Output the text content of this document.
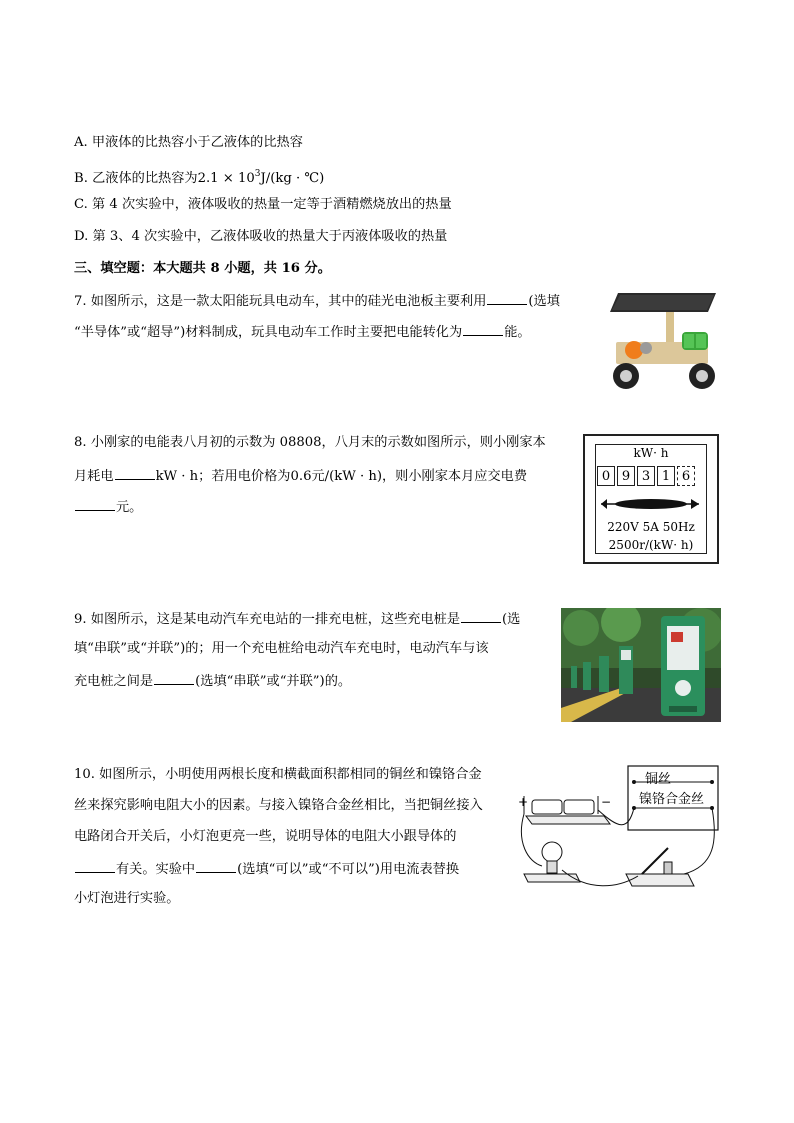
A. 甲液体的比热容小于乙液体的比热容
B. 乙液体的比热容为$2.1 \times 10^3J/(kg$ · ℃)
C. 第 4 次实验中，液体吸收的热量一定等于酒精燃烧放出的热量
D. 第 3、4 次实验中，乙液体吸收的热量大于丙液体吸收的热量
三、填空题：本大题共 8 小题，共 16 分。
7. 如图所示，这是一款太阳能玩具电动车，其中的硅光电池板主要利用	(选填
“半导体”或“超导”)材料制成，玩具电动车工作时主要把电能转化为	能。
8. 小刚家的电能表八月初的示数为 08808，八月末的示数如图所示，则小刚家本
月耗电	kW · h；若用电价格为0.6元/(kW · h)，则小刚家本月应交电费
元。
kW· h
0 9 3 1 6
220V 5A 50Hz
2500r/(kW· h)
9. 如图所示，这是某电动汽车充电站的一排充电桩，这些充电桩是	(选
填“串联”或“并联”)的；用一个充电桩给电动汽车充电时，电动汽车与该
充电桩之间是	(选填“串联”或“并联”)的。
10. 如图所示，小明使用两根长度和横截面积都相同的铜丝和镍铬合金
丝来探究影响电阻大小的因素。与接入镍铬合金丝相比，当把铜丝接入
电路闭合开关后，小灯泡更亮一些，说明导体的电阻大小跟导体的
有关。实验中	(选填“可以”或“不可以”)用电流表替换
小灯泡进行实验。
+	−
铜丝
镍铬合金丝
